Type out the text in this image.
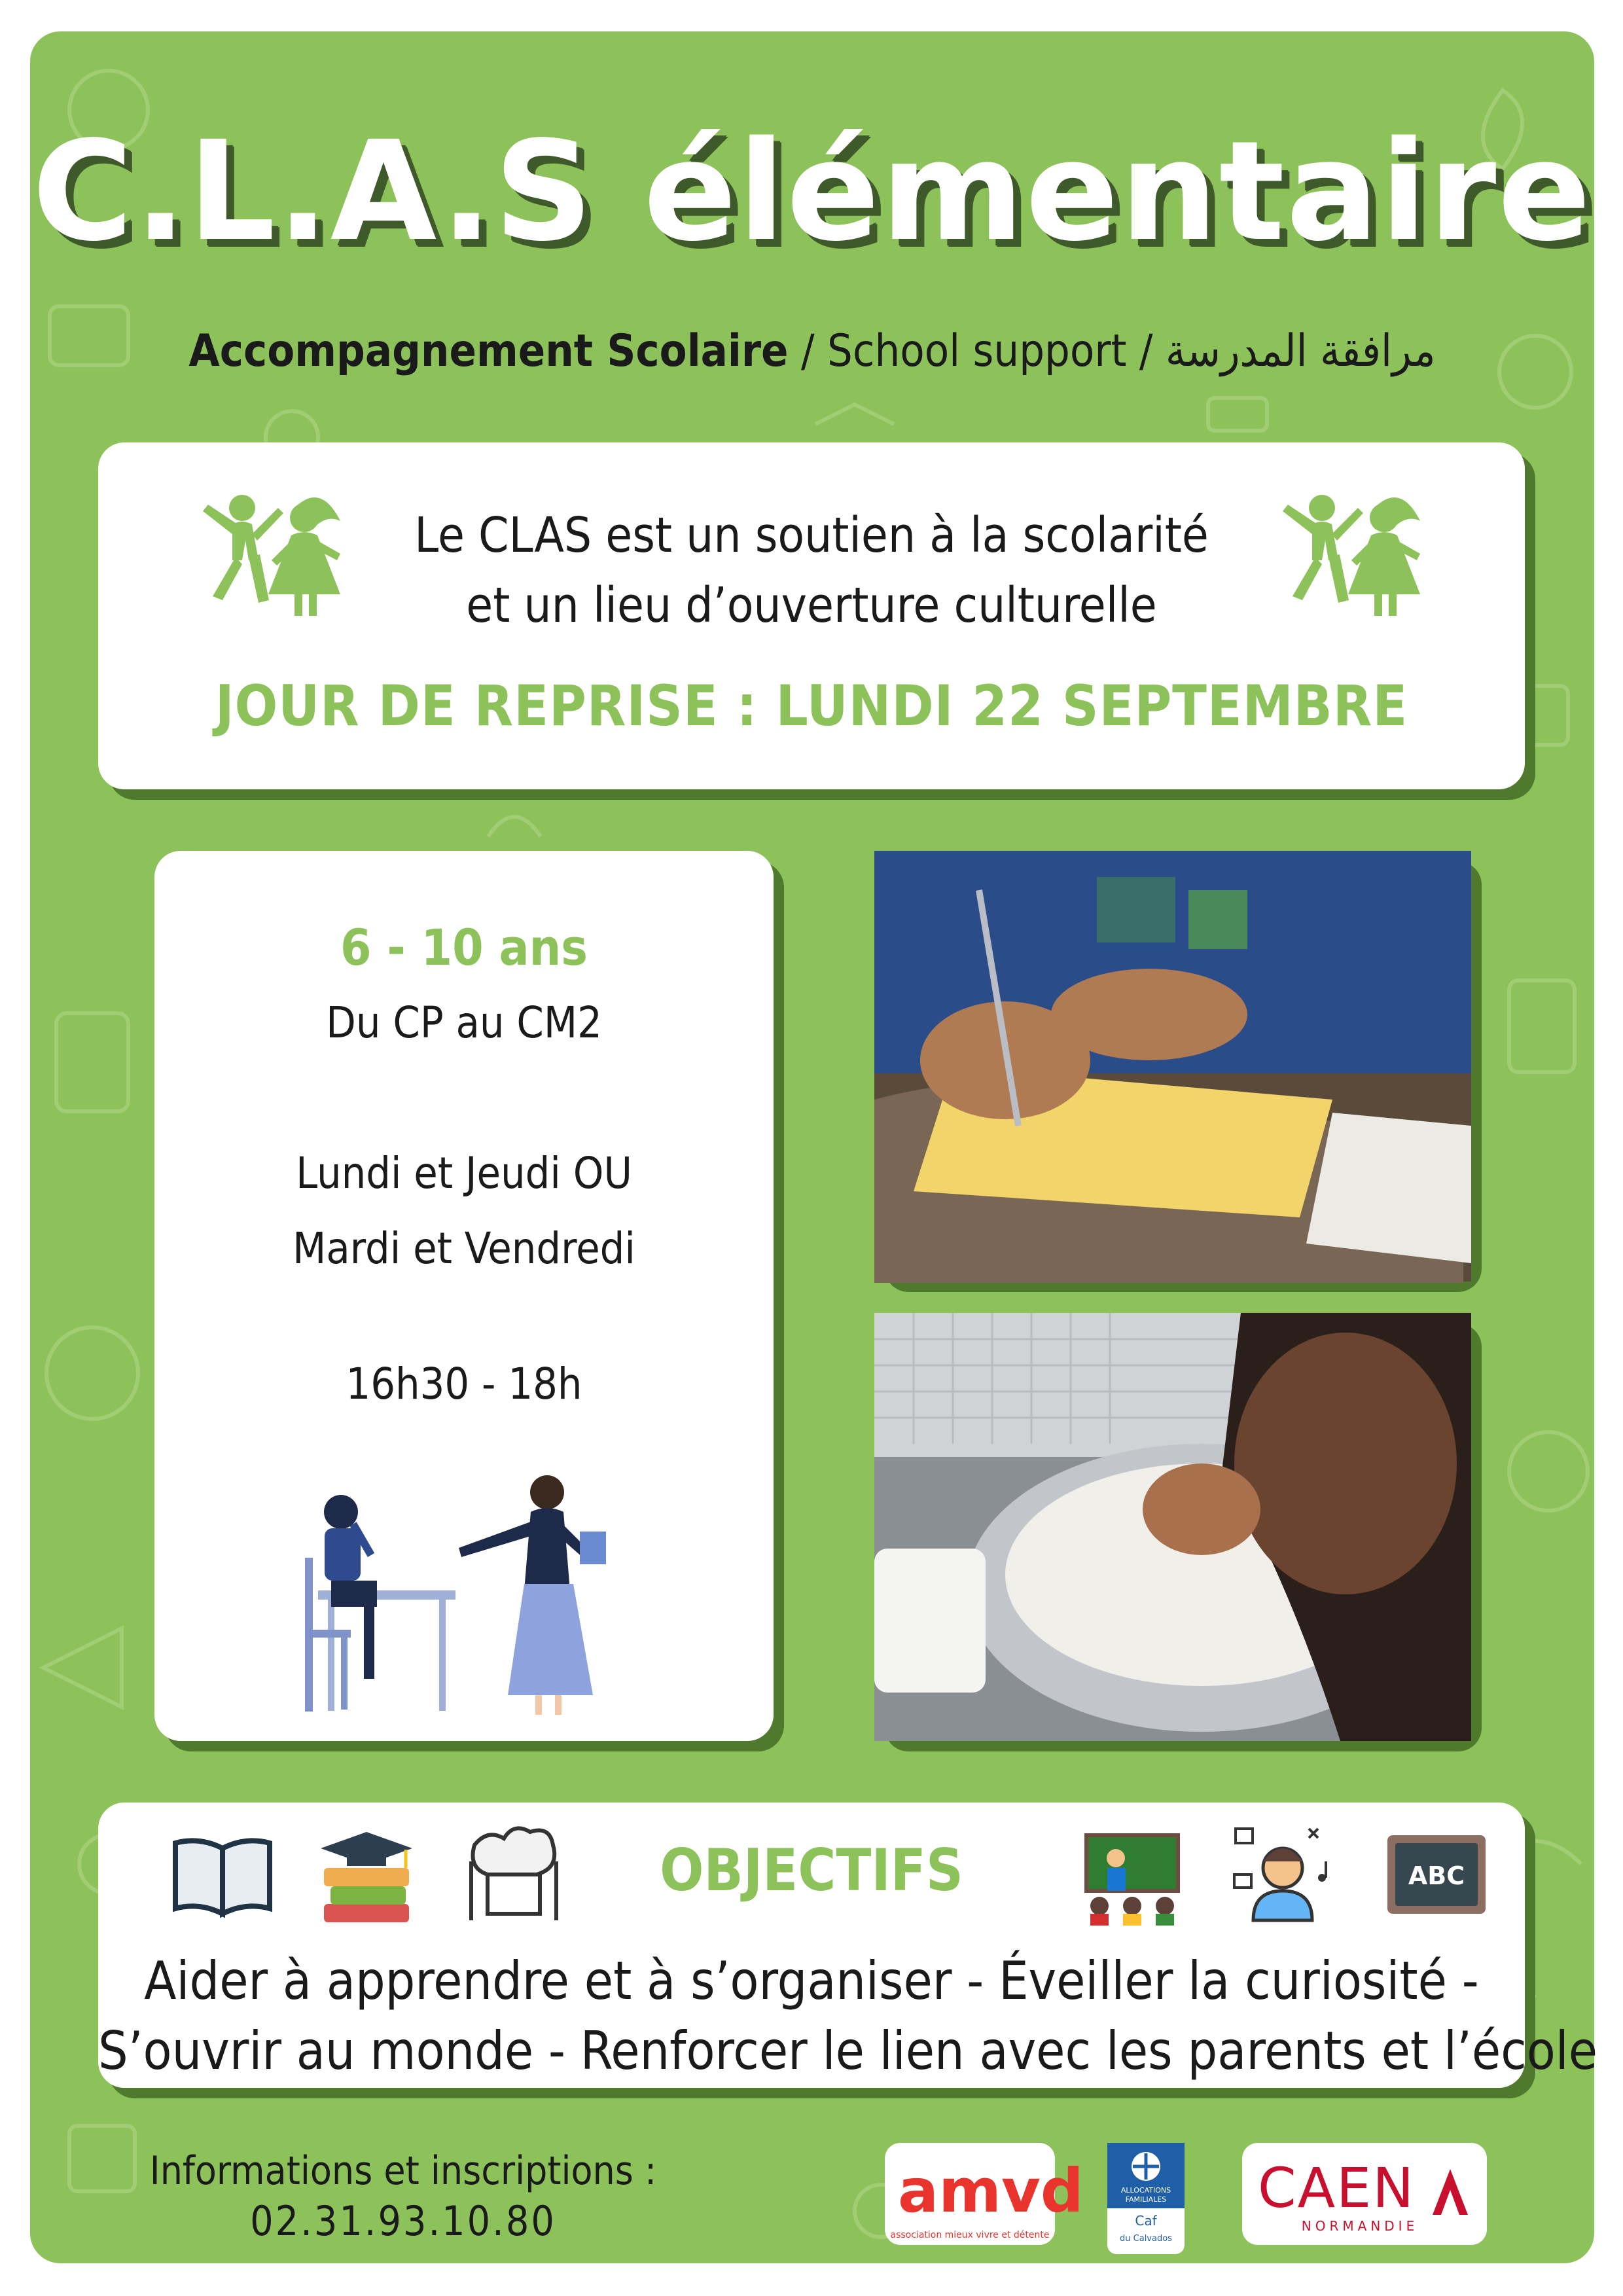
C.L.A.S élémentaire
Accompagnement Scolaire / School support / مرافقة المدرسة
Le CLAS est un soutien à la scolarité
et un lieu d’ouverture culturelle
JOUR DE REPRISE : LUNDI 22 SEPTEMBRE
6 - 10 ans
Du CP au CM2
Lundi et Jeudi OU
Mardi et Vendredi
16h30 - 18h
OBJECTIFS	ABC
Aider à apprendre et à s’organiser - Éveiller la curiosité -
S’ouvrir au monde - Renforcer le lien avec les parents et l’école
Informations et inscriptions :
02.31.93.10.80	amvd
association mieux vivre et détente
ALLOCATIONS
FAMILIALES
Caf
du Calvados
CAEN
NORMANDIE
